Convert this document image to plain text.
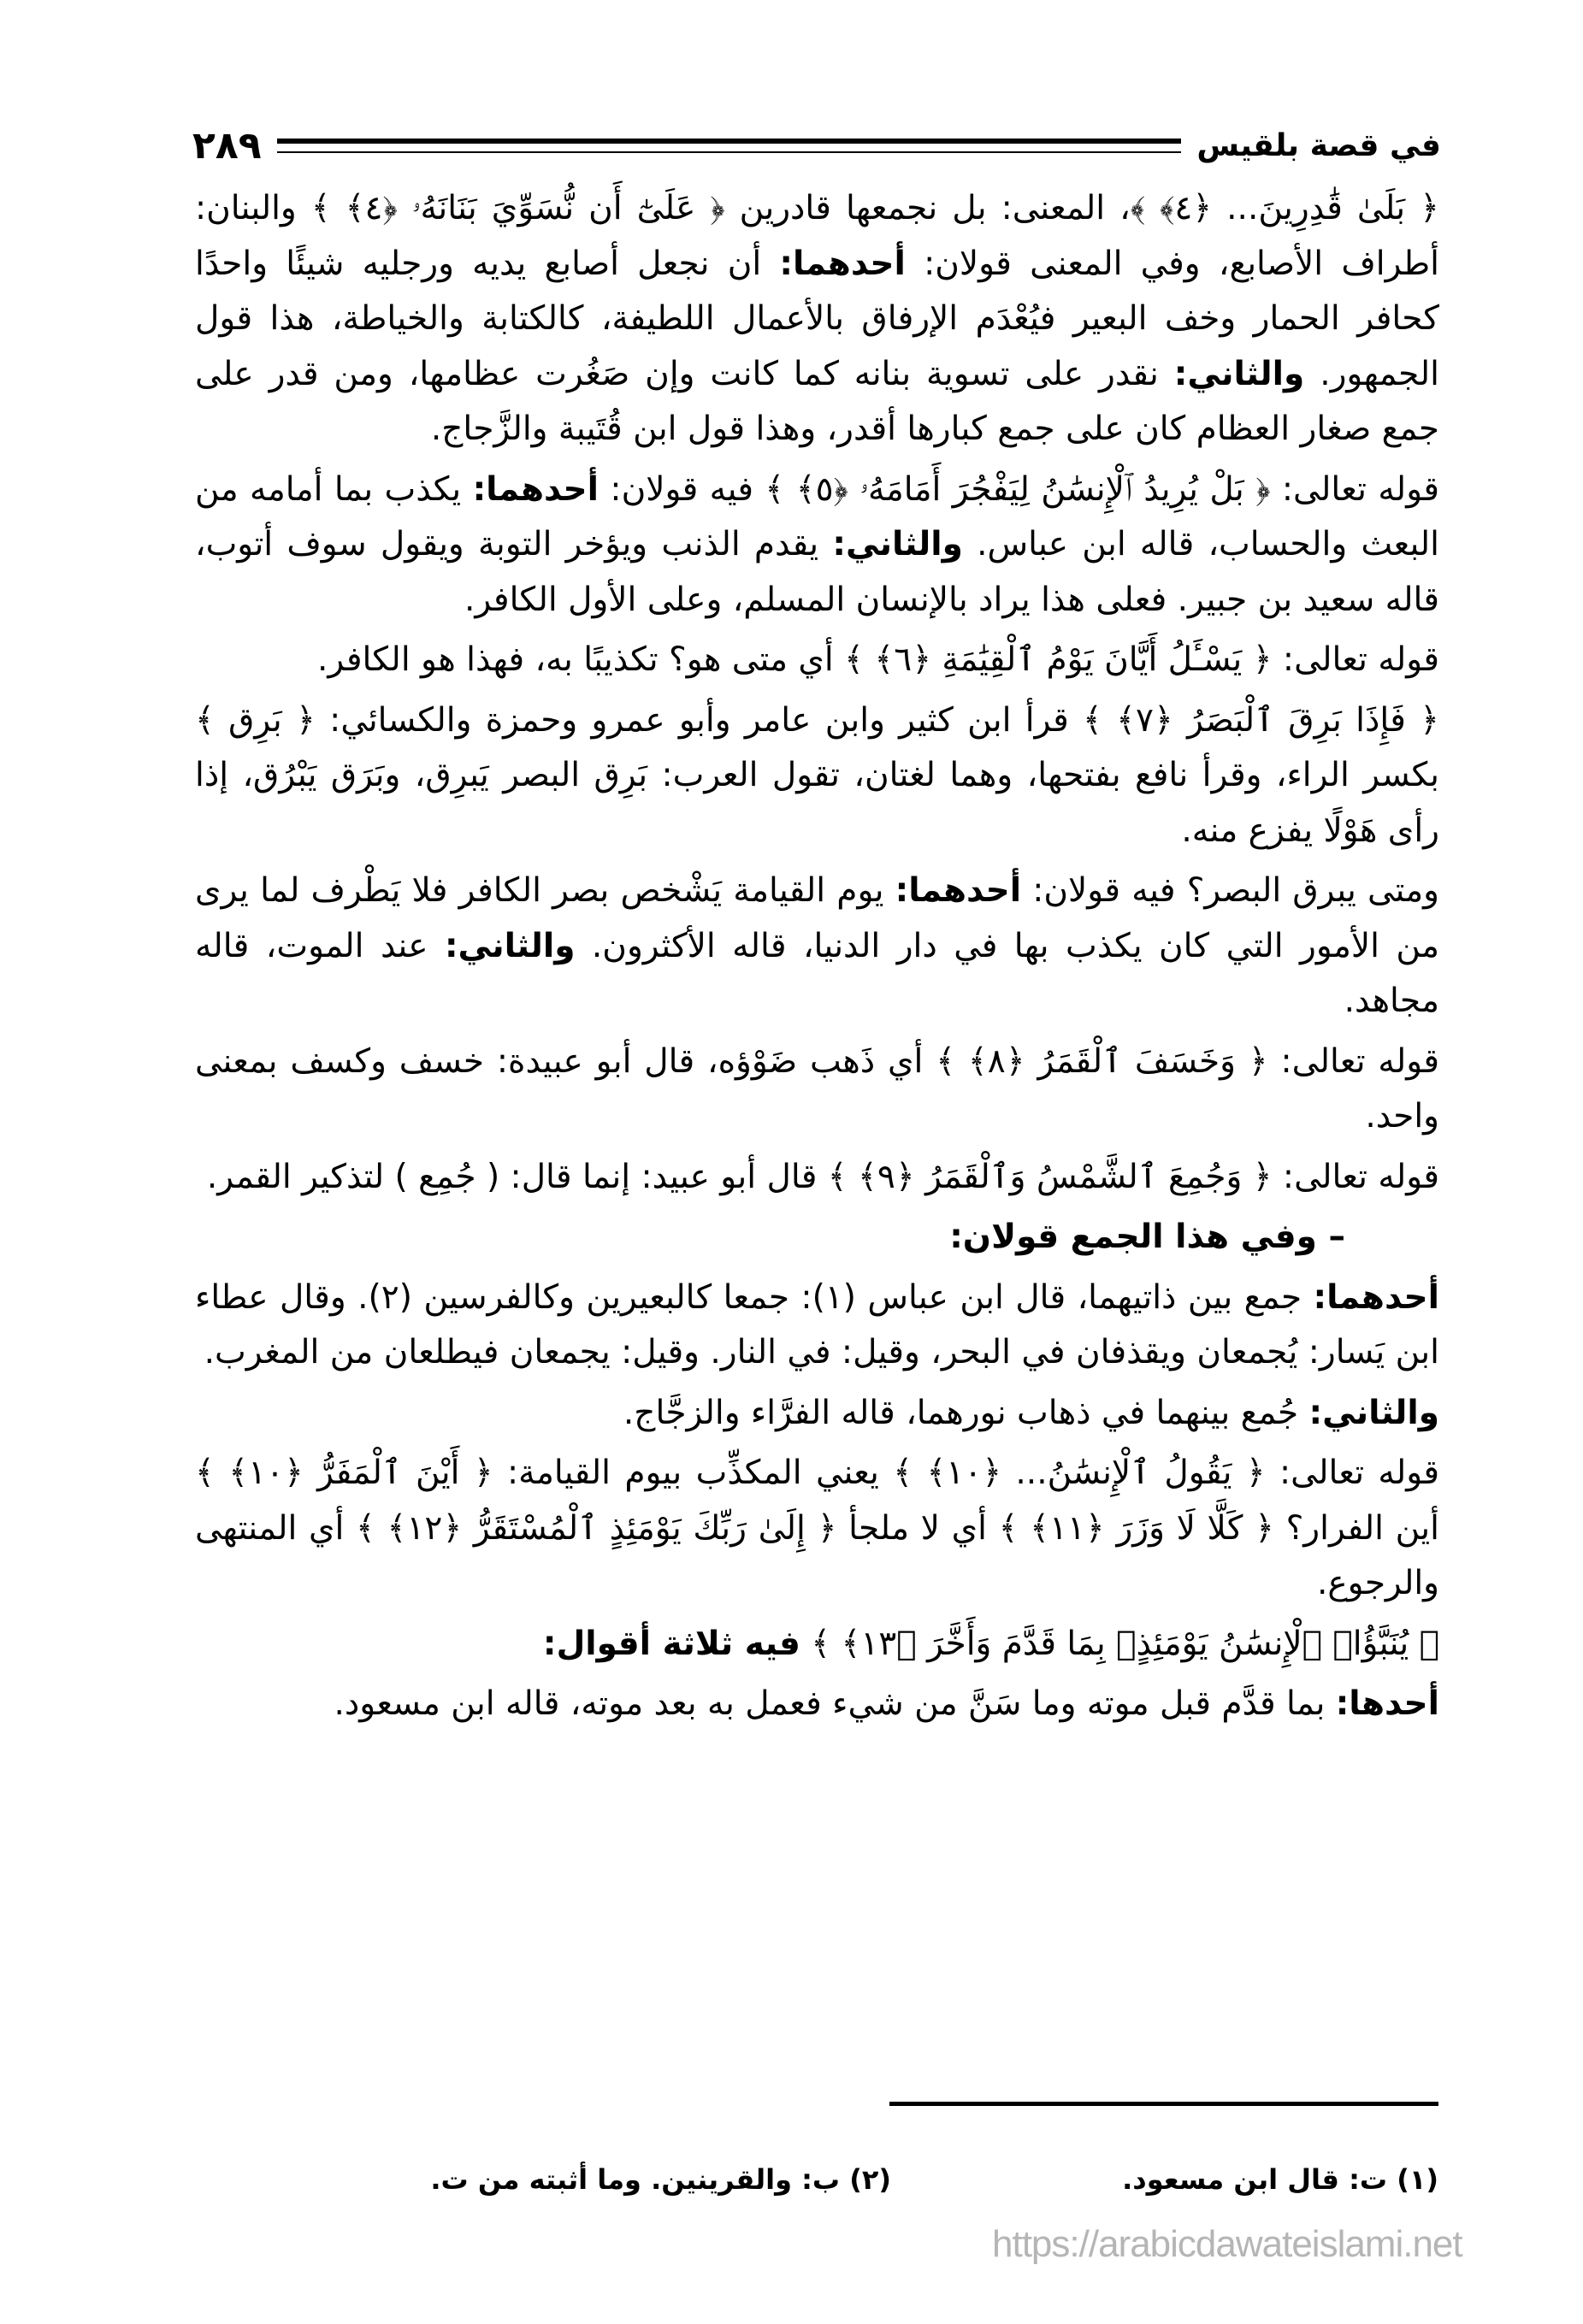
في قصة بلقيس
٢٨٩

﴿ بَلَىٰ قَٰدِرِينَ... ﴿٤﴾ ﴾، المعنى: بل نجمعها قادرين ﴿ عَلَىٰٓ أَن نُّسَوِّيَ بَنَانَهُۥ ﴿٤﴾ ﴾ والبنان: أطراف الأصابع، وفي المعنى قولان: أحدهما: أن نجعل أصابع يديه ورجليه شيئًا واحدًا كحافر الحمار وخف البعير فيُعْدَم الإرفاق بالأعمال اللطيفة، كالكتابة والخياطة، هذا قول الجمهور. والثاني: نقدر على تسوية بنانه كما كانت وإن صَغُرت عظامها، ومن قدر على جمع صغار العظام كان على جمع كبارها أقدر، وهذا قول ابن قُتَيبة والزَّجاج.

قوله تعالى: ﴿ بَلْ يُرِيدُ ٱلْإِنسَٰنُ لِيَفْجُرَ أَمَامَهُۥ ﴿٥﴾ ﴾ فيه قولان: أحدهما: يكذب بما أمامه من البعث والحساب، قاله ابن عباس. والثاني: يقدم الذنب ويؤخر التوبة ويقول سوف أتوب، قاله سعيد بن جبير. فعلى هذا يراد بالإنسان المسلم، وعلى الأول الكافر.

قوله تعالى: ﴿ يَسْـَٔلُ أَيَّانَ يَوْمُ ٱلْقِيَٰمَةِ ﴿٦﴾ ﴾ أي متى هو؟ تكذيبًا به، فهذا هو الكافر.

﴿ فَإِذَا بَرِقَ ٱلْبَصَرُ ﴿٧﴾ ﴾ قرأ ابن كثير وابن عامر وأبو عمرو وحمزة والكسائي: ﴿ بَرِق ﴾ بكسر الراء، وقرأ نافع بفتحها، وهما لغتان، تقول العرب: بَرِق البصر يَبرِق، وبَرَق يَبْرُق، إذا رأى هَوْلًا يفزع منه.

ومتى يبرق البصر؟ فيه قولان: أحدهما: يوم القيامة يَشْخص بصر الكافر فلا يَطْرف لما يرى من الأمور التي كان يكذب بها في دار الدنيا، قاله الأكثرون. والثاني: عند الموت، قاله مجاهد.

قوله تعالى: ﴿ وَخَسَفَ ٱلْقَمَرُ ﴿٨﴾ ﴾ أي ذَهب ضَوْؤه، قال أبو عبيدة: خسف وكسف بمعنى واحد.

قوله تعالى: ﴿ وَجُمِعَ ٱلشَّمْسُ وَٱلْقَمَرُ ﴿٩﴾ ﴾ قال أبو عبيد: إنما قال: ( جُمِع ) لتذكير القمر.

– وفي هذا الجمع قولان:

أحدهما: جمع بين ذاتيهما، قال ابن عباس (١): جمعا كالبعيرين وكالفرسين (٢). وقال عطاء ابن يَسار: يُجمعان ويقذفان في البحر، وقيل: في النار. وقيل: يجمعان فيطلعان من المغرب.

والثاني: جُمع بينهما في ذهاب نورهما، قاله الفرَّاء والزجَّاج.

قوله تعالى: ﴿ يَقُولُ ٱلْإِنسَٰنُ... ﴿١٠﴾ ﴾ يعني المكذِّب بيوم القيامة: ﴿ أَيْنَ ٱلْمَفَرُّ ﴿١٠﴾ ﴾ أين الفرار؟ ﴿ كَلَّا لَا وَزَرَ ﴿١١﴾ ﴾ أي لا ملجأ ﴿ إِلَىٰ رَبِّكَ يَوْمَئِذٍ ٱلْمُسْتَقَرُّ ﴿١٢﴾ ﴾ أي المنتهى والرجوع.

﴿ يُنَبَّؤُا۟ ٱلْإِنسَٰنُ يَوْمَئِذٍۭ بِمَا قَدَّمَ وَأَخَّرَ ﴿١٣﴾ ﴾ فيه ثلاثة أقوال:

أحدها: بما قدَّم قبل موته وما سَنَّ من شيء فعمل به بعد موته، قاله ابن مسعود.

(١) ت: قال ابن مسعود.
(٢) ب: والقرينين. وما أثبته من ت.
https://arabicdawateislami.net
